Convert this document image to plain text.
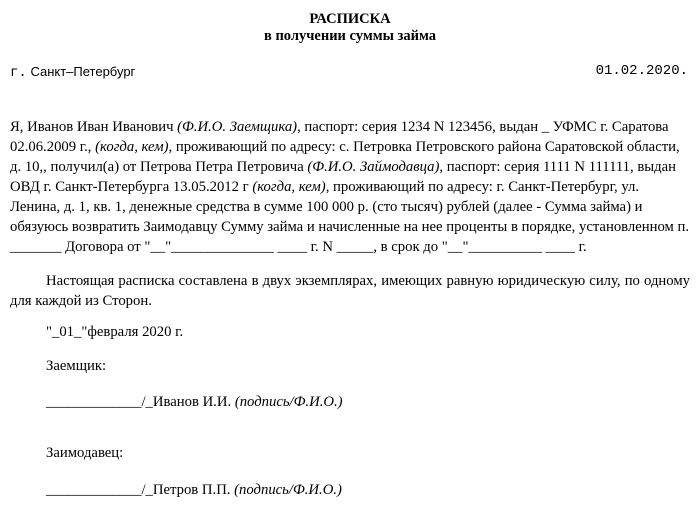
РАСПИСКА
в получении суммы займа
г. Санкт–Петербург	01.02.2020.
Я, Иванов Иван Иванович (Ф.И.О. Заемщика), паспорт: серия 1234 N 123456, выдан _ УФМС г. Саратова 02.06.2009 г., (когда, кем), проживающий по адресу: с. Петровка Петровского района Саратовской области, д. 10,, получил(а) от Петрова Петра Петровича (Ф.И.О. Займодавца), паспорт: серия 1111 N 111111, выдан ОВД г. Санкт-Петербурга 13.05.2012 г (когда, кем), проживающий по адресу: г. Санкт-Петербург, ул. Ленина, д. 1, кв. 1, денежные средства в сумме 100 000 р. (сто тысяч) рублей (далее - Сумма займа) и обязуюсь возвратить Заимодавцу Сумму займа и начисленные на нее проценты в порядке, установленном п. _______ Договора от "__"______________ ____ г. N _____, в срок до "__"__________ ____ г.
Настоящая расписка составлена в двух экземплярах, имеющих равную юридическую силу, по одному для каждой из Сторон.
"_01_"февраля 2020 г.
Заемщик:
_____________/_Иванов И.И. (подпись/Ф.И.О.)
Заимодавец:
_____________/_Петров П.П. (подпись/Ф.И.О.)
